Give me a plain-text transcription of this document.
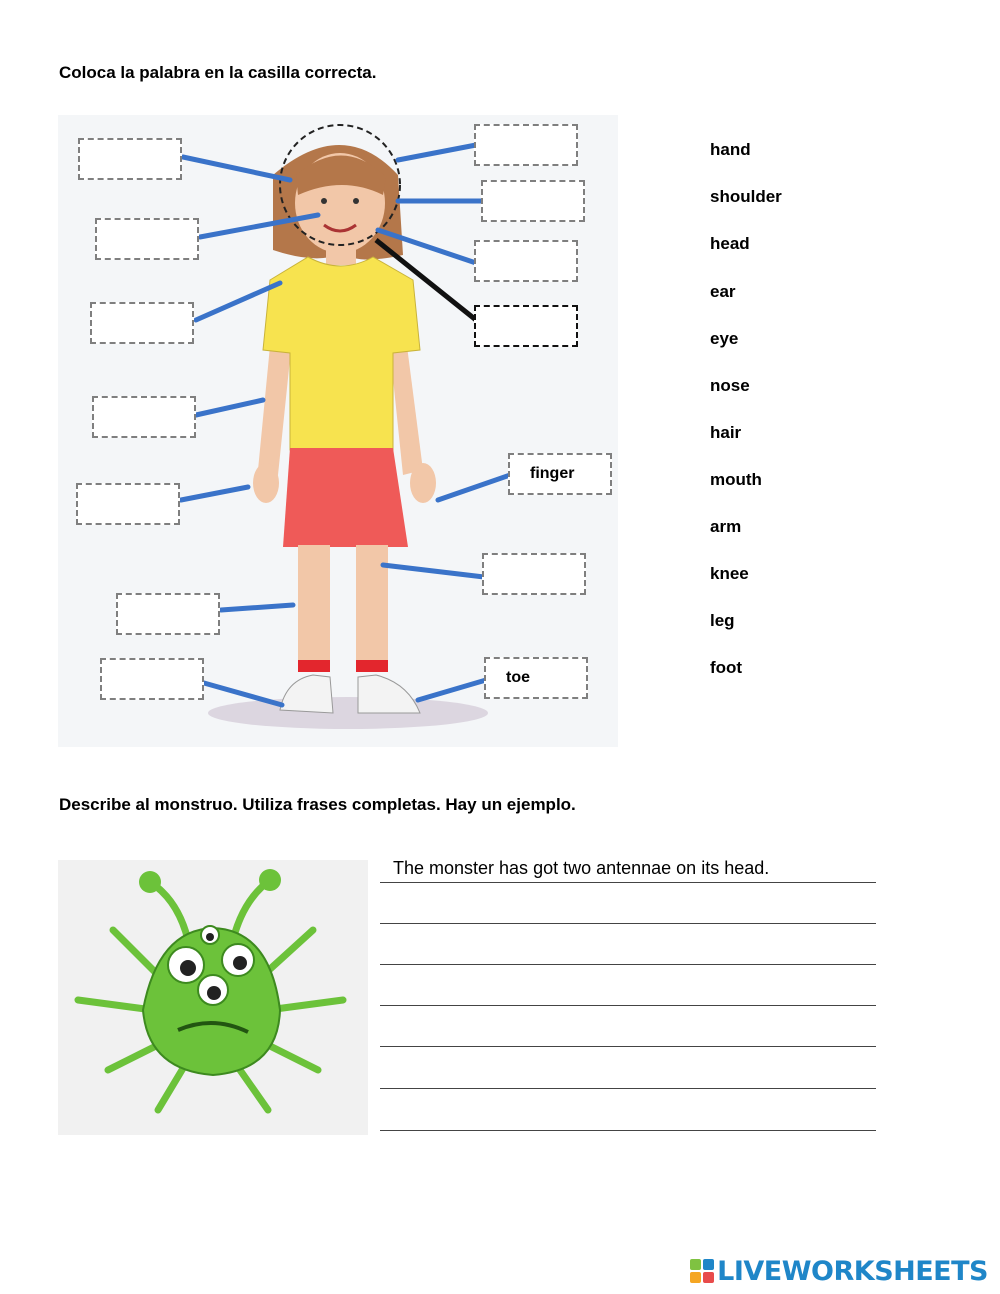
Coloca la palabra en la casilla correcta.
finger
toe
hand
shoulder
head
ear
eye
nose
hair
mouth
arm
knee
leg
foot
Describe al monstruo. Utiliza frases completas. Hay un ejemplo.
The monster has got two antennae on its head.
LIVEWORKSHEETS
